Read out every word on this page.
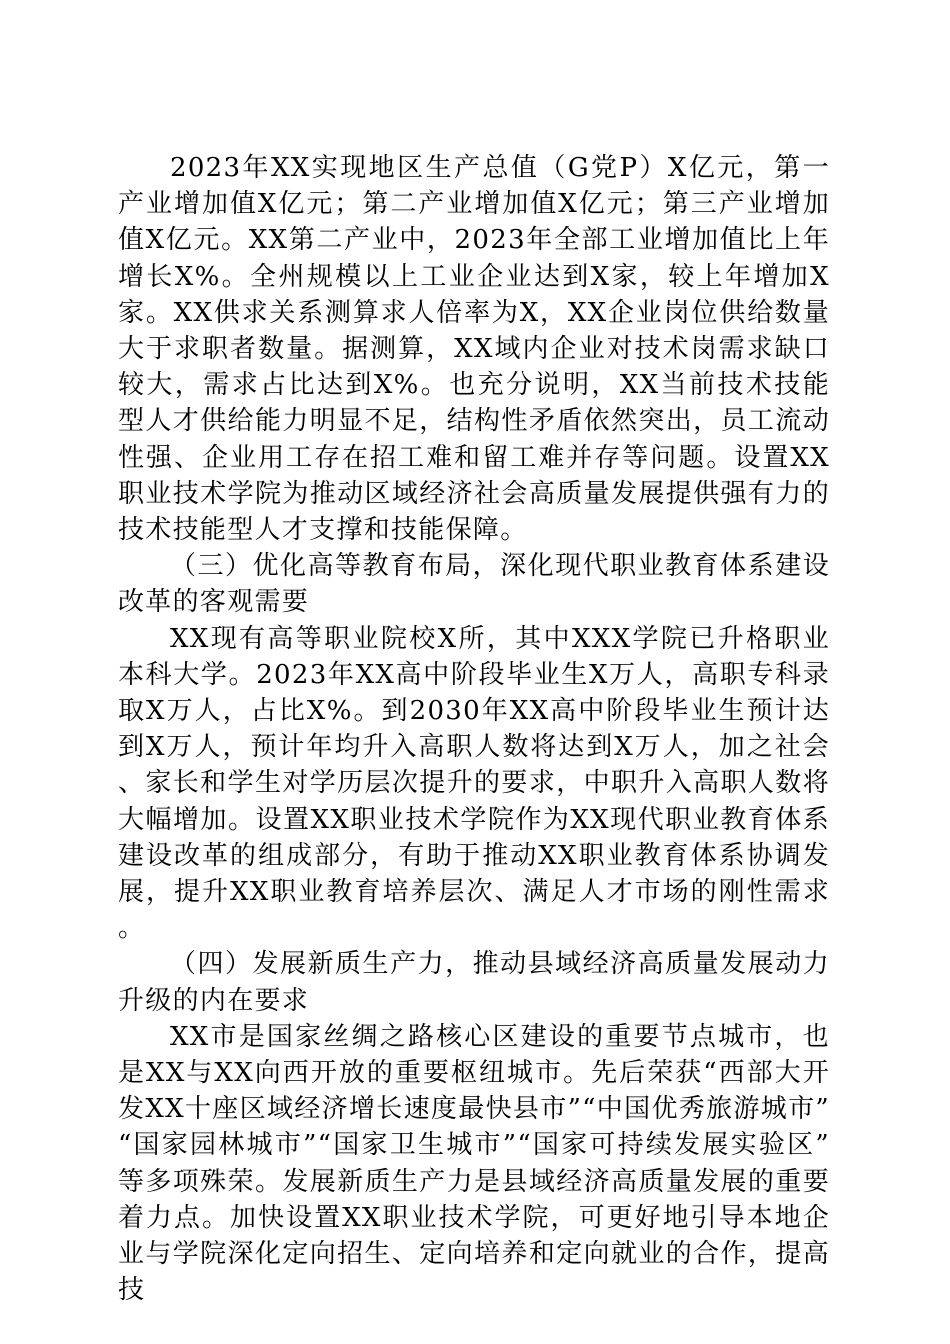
2023年XX实现地区生产总值（G党P）X亿元，第一产业增加值X亿元；第二产业增加值X亿元；第三产业增加值X亿元。XX第二产业中，2023年全部工业增加值比上年增长X%。全州规模以上工业企业达到X家，较上年增加X家。XX供求关系测算求人倍率为X，XX企业岗位供给数量大于求职者数量。据测算，XX域内企业对技术岗需求缺口较大，需求占比达到X%。也充分说明，XX当前技术技能型人才供给能力明显不足，结构性矛盾依然突出，员工流动性强、企业用工存在招工难和留工难并存等问题。设置XX职业技术学院为推动区域经济社会高质量发展提供强有力的技术技能型人才支撑和技能保障。

（三）优化高等教育布局，深化现代职业教育体系建设改革的客观需要

XX现有高等职业院校X所，其中XXX学院已升格职业本科大学。2023年XX高中阶段毕业生X万人，高职专科录取X万人，占比X%。到2030年XX高中阶段毕业生预计达到X万人，预计年均升入高职人数将达到X万人，加之社会、家长和学生对学历层次提升的要求，中职升入高职人数将大幅增加。设置XX职业技术学院作为XX现代职业教育体系建设改革的组成部分，有助于推动XX职业教育体系协调发展，提升XX职业教育培养层次、满足人才市场的刚性需求。

（四）发展新质生产力，推动县域经济高质量发展动力升级的内在要求

XX市是国家丝绸之路核心区建设的重要节点城市，也是XX与XX向西开放的重要枢纽城市。先后荣获“西部大开发XX十座区域经济增长速度最快县市”“中国优秀旅游城市”“国家园林城市”“国家卫生城市”“国家可持续发展实验区”等多项殊荣。发展新质生产力是县域经济高质量发展的重要着力点。加快设置XX职业技术学院，可更好地引导本地企业与学院深化定向招生、定向培养和定向就业的合作，提高技
